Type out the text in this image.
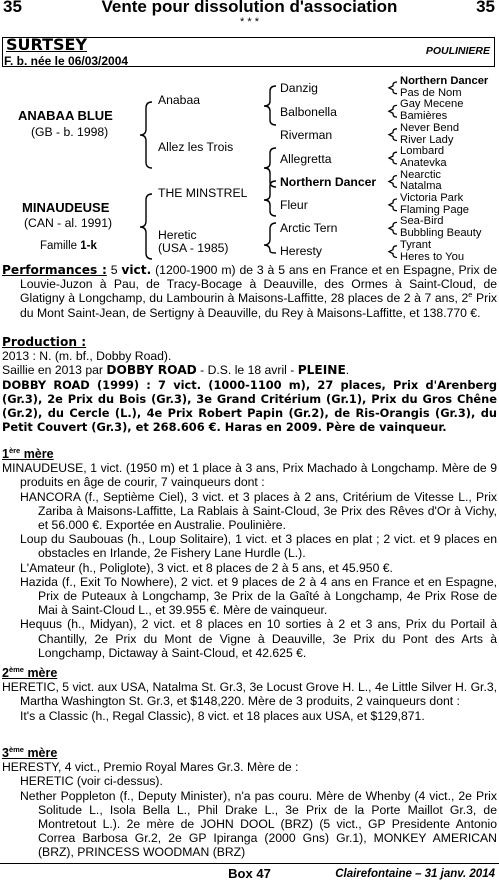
35	Vente pour dissolution d'association	35
* * *
SURTSEY	POULINIERE
F. b. née le 06/03/2004
ANABAA BLUE
(GB - b. 1998)
MINAUDEUSE
(CAN - al. 1991)
Famille 1-k
Anabaa
Allez les Trois
THE MINSTREL
Heretic
(USA - 1985)
Danzig
Balbonella
Riverman
Allegretta
Northern Dancer
Fleur
Arctic Tern
Heresty
Northern Dancer
Pas de Nom
Gay Mecene
Bamières
Never Bend
River Lady
Lombard
Anatevka
Nearctic
Natalma
Victoria Park
Flaming Page
Sea-Bird
Bubbling Beauty
Tyrant
Heres to You

Performances : 5 vict. (1200-1900 m) de 3 à 5 ans en France et en Espagne, Prix de Louvie-Juzon à Pau, de Tracy-Bocage à Deauville, des Ormes à Saint-Cloud, de Glatigny à Longchamp, du Lambourin à Maisons-Laffitte, 28 places de 2 à 7 ans, 2e Prix du Mont Saint-Jean, de Sertigny à Deauville, du Rey à Maisons-Laffitte, et 138.770 €.

Production :

2013 : N. (m. bf., Dobby Road).

Saillie en 2013 par DOBBY ROAD - D.S. le 18 avril - PLEINE.

DOBBY ROAD (1999) : 7 vict. (1000-1100 m), 27 places, Prix d'Arenberg (Gr.3), 2e Prix du Bois (Gr.3), 3e Grand Critérium (Gr.1), Prix du Gros Chêne (Gr.2), du Cercle (L.), 4e Prix Robert Papin (Gr.2), de Ris-Orangis (Gr.3), du Petit Couvert (Gr.3), et 268.606 €. Haras en 2009. Père de vainqueur.

1ère mère

MINAUDEUSE, 1 vict. (1950 m) et 1 place à 3 ans, Prix Machado à Longchamp. Mère de 9 produits en âge de courir, 7 vainqueurs dont :

HANCORA (f., Septième Ciel), 3 vict. et 3 places à 2 ans, Critérium de Vitesse L., Prix Zariba à Maisons-Laffitte, La Rablais à Saint-Cloud, 3e Prix des Rêves d'Or à Vichy, et 56.000 €. Exportée en Australie. Poulinière.

Loup du Saubouas (h., Loup Solitaire), 1 vict. et 3 places en plat ; 2 vict. et 9 places en obstacles en Irlande, 2e Fishery Lane Hurdle (L.).

L'Amateur (h., Poliglote), 3 vict. et 8 places de 2 à 5 ans, et 45.950 €.

Hazida (f., Exit To Nowhere), 2 vict. et 9 places de 2 à 4 ans en France et en Espagne, Prix de Puteaux à Longchamp, 3e Prix de la Gaîté à Longchamp, 4e Prix Rose de Mai à Saint-Cloud L., et 39.955 €. Mère de vainqueur.

Hequus (h., Midyan), 2 vict. et 8 places en 10 sorties à 2 et 3 ans, Prix du Portail à Chantilly, 2e Prix du Mont de Vigne à Deauville, 3e Prix du Pont des Arts à Longchamp, Dictaway à Saint-Cloud, et 42.625 €.

2ème mère

HERETIC, 5 vict. aux USA, Natalma St. Gr.3, 3e Locust Grove H. L., 4e Little Silver H. Gr.3, Martha Washington St. Gr.3, et $148,220. Mère de 3 produits, 2 vainqueurs dont :

It's a Classic (h., Regal Classic), 8 vict. et 18 places aux USA, et $129,871.

3ème mère

HERESTY, 4 vict., Premio Royal Mares Gr.3. Mère de :

HERETIC (voir ci-dessus).

Nether Poppleton (f., Deputy Minister), n'a pas couru. Mère de Whenby (4 vict., 2e Prix Solitude L., Isola Bella L., Phil Drake L., 3e Prix de la Porte Maillot Gr.3, de Montretout L.). 2e mère de JOHN DOOL (BRZ) (5 vict., GP Presidente Antonio Correa Barbosa Gr.2, 2e GP Ipiranga (2000 Gns) Gr.1), MONKEY AMERICAN (BRZ), PRINCESS WOODMAN (BRZ)

Box 47	Clairefontaine – 31 janv. 2014
